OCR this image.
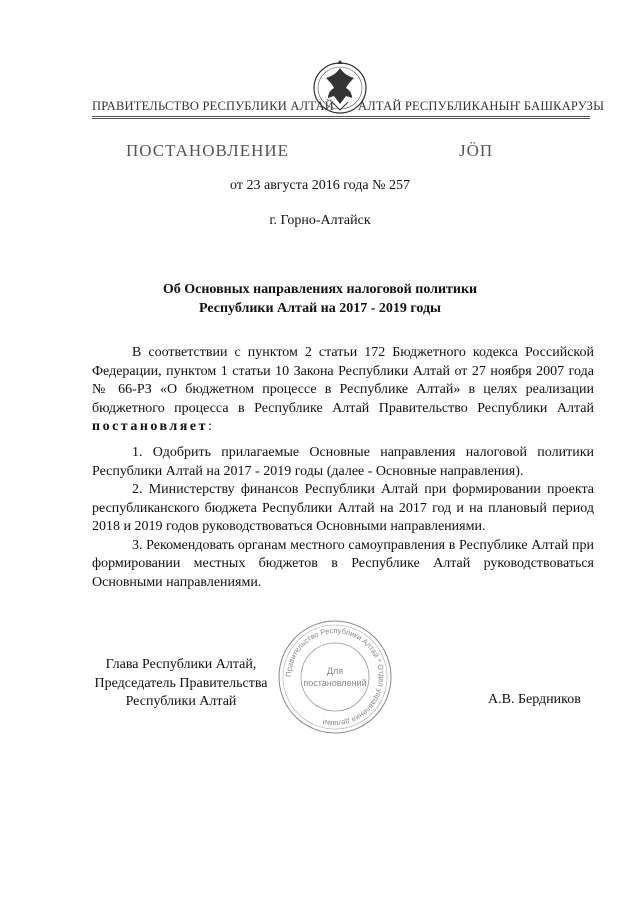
ПРАВИТЕЛЬСТВО РЕСПУБЛИКИ АЛТАЙ АЛТАЙ РЕСПУБЛИКАНЫҤ БАШКАРУЗЫ
ПОСТАНОВЛЕНИЕ	ЈӦП
от 23 августа 2016 года № 257
г. Горно-Алтайск
Об Основных направлениях налоговой политики
Республики Алтай на 2017 - 2019 годы

В соответствии с пунктом 2 статьи 172 Бюджетного кодекса Российской Федерации, пунктом 1 статьи 10 Закона Республики Алтай от 27 ноября 2007 года № 66-РЗ «О бюджетном процессе в Республике Алтай» в целях реализации бюджетного процесса в Республике Алтай Правительство Республики Алтай постановляет:

1. Одобрить прилагаемые Основные направления налоговой политики Республики Алтай на 2017 - 2019 годы (далее - Основные направления).

2. Министерству финансов Республики Алтай при формировании проекта республиканского бюджета Республики Алтай на 2017 год и на плановый период 2018 и 2019 годов руководствоваться Основными направлениями.

3. Рекомендовать органам местного самоуправления в Республике Алтай при формировании местных бюджетов в Республике Алтай руководствоваться Основными направлениями.

Глава Республики Алтай,
Председатель Правительства
Республики Алтай	А.В. Бердников
Правительство Республики Алтай * Отдел управления делами
Для
постановлений
